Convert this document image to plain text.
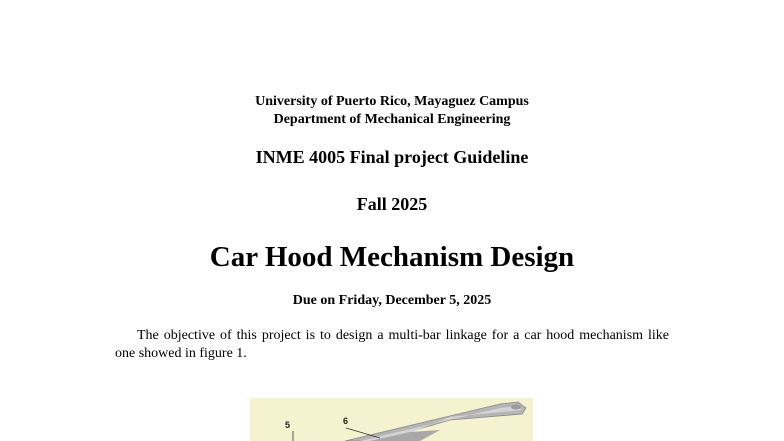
University of Puerto Rico, Mayaguez Campus
Department of Mechanical Engineering
INME 4005 Final project Guideline
Fall 2025
Car Hood Mechanism Design
Due on Friday, December 5, 2025
The objective of this project is to design a multi-bar linkage for a car hood mechanism like one showed in figure 1.
5	6
